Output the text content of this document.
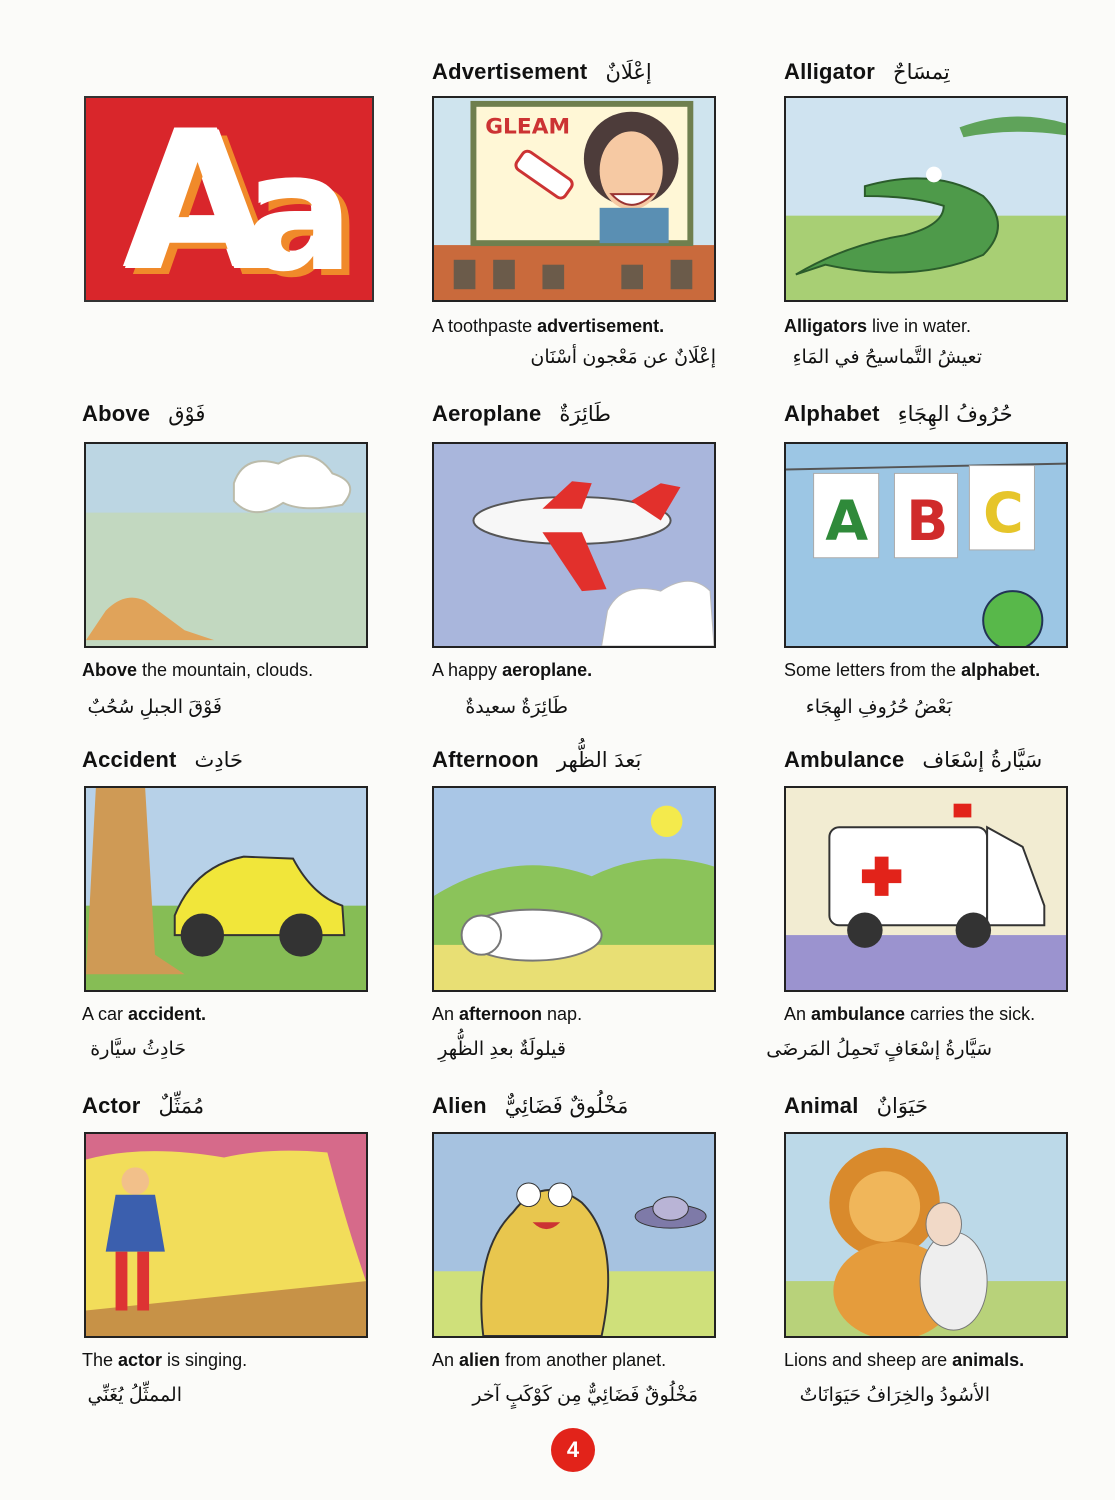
A
a
Advertisement إعْلَانٌ
GLEAM
A toothpaste advertisement.
إعْلَانٌ عن مَعْجون أسْنَان
Alligator تِمسَاحٌ
Alligators live in water.
تعيشُ التَّماسيحُ في المَاءِ
Above فَوْق
Above the mountain, clouds.
فَوْقَ الجبلِ سُحُبٌ
Aeroplane طَائِرَةٌ
A happy aeroplane.
طَائِرَةٌ سعيدةٌ
Alphabet حُرُوفُ الهِجَاءِ
A B C
Some letters from the alphabet.
بَعْضُ حُرُوفِ الهِجَاء
Accident حَادِث
A car accident.
حَادِثُ سيَّارة
Afternoon بَعدَ الظُّهر
An afternoon nap.
قيلولَةٌ بعدِ الظُّهرِ
Ambulance سَيَّارةُ إسْعَاف
An ambulance carries the sick.
سَيَّارةُ إسْعَافٍ تَحمِلُ المَرضَى
Actor مُمَثِّلٌ
The actor is singing.
الممثِّلُ يُغَنِّي
Alien مَخْلُوقٌ فَضَائِيٌّ
An alien from another planet.
مَخْلُوقٌ فَضَائِيٌّ مِن كَوْكَبٍ آخر
Animal حَيَوَانٌ
Lions and sheep are animals.
الأسُودُ والخِرَافُ حَيَوَانَاتٌ
4
